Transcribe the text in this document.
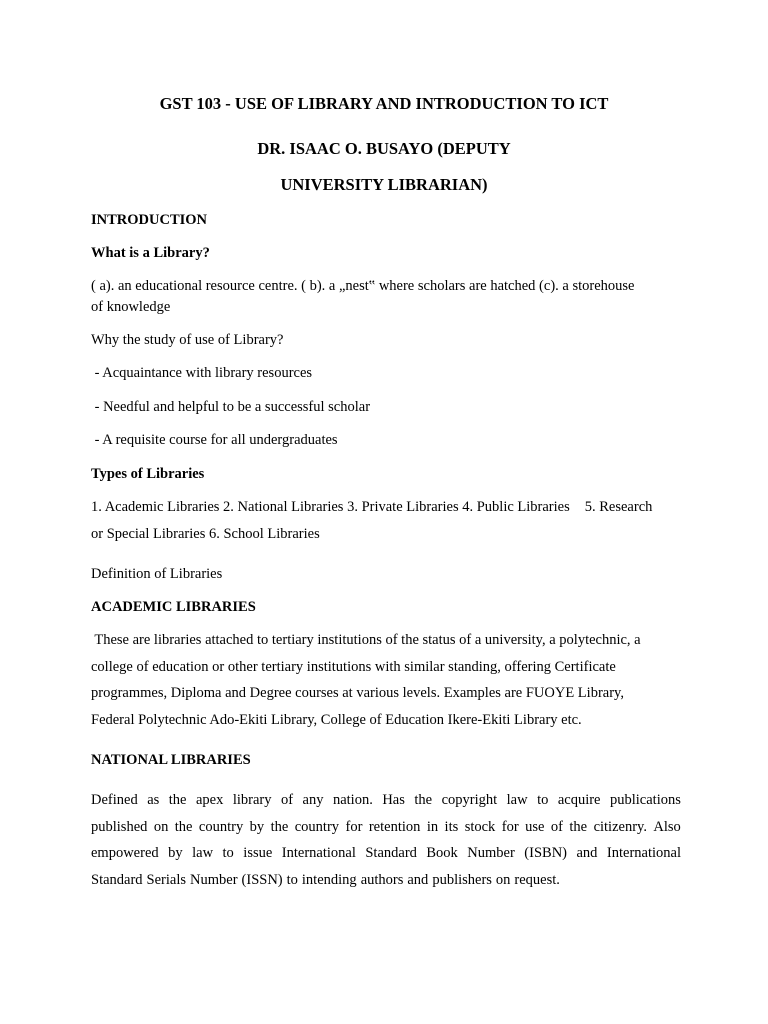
GST 103 - USE OF LIBRARY AND INTRODUCTION TO ICT
DR. ISAAC O. BUSAYO (DEPUTY
UNIVERSITY LIBRARIAN)
INTRODUCTION
What is a Library?
( a). an educational resource centre. ( b). a „nest‟ where scholars are hatched (c). a storehouse
of knowledge
Why the study of use of Library?
- Acquaintance with library resources
- Needful and helpful to be a successful scholar
- A requisite course for all undergraduates
Types of Libraries
1. Academic Libraries 2. National Libraries 3. Private Libraries 4. Public Libraries 5. Research
or Special Libraries 6. School Libraries
Definition of Libraries
ACADEMIC LIBRARIES
These are libraries attached to tertiary institutions of the status of a university, a polytechnic, a
college of education or other tertiary institutions with similar standing, offering Certificate
programmes, Diploma and Degree courses at various levels. Examples are FUOYE Library,
Federal Polytechnic Ado-Ekiti Library, College of Education Ikere-Ekiti Library etc.
NATIONAL LIBRARIES
Defined as the apex library of any nation. Has the copyright law to acquire publications
published on the country by the country for retention in its stock for use of the citizenry. Also
empowered by law to issue International Standard Book Number (ISBN) and International
Standard Serials Number (ISSN) to intending authors and publishers on request.
